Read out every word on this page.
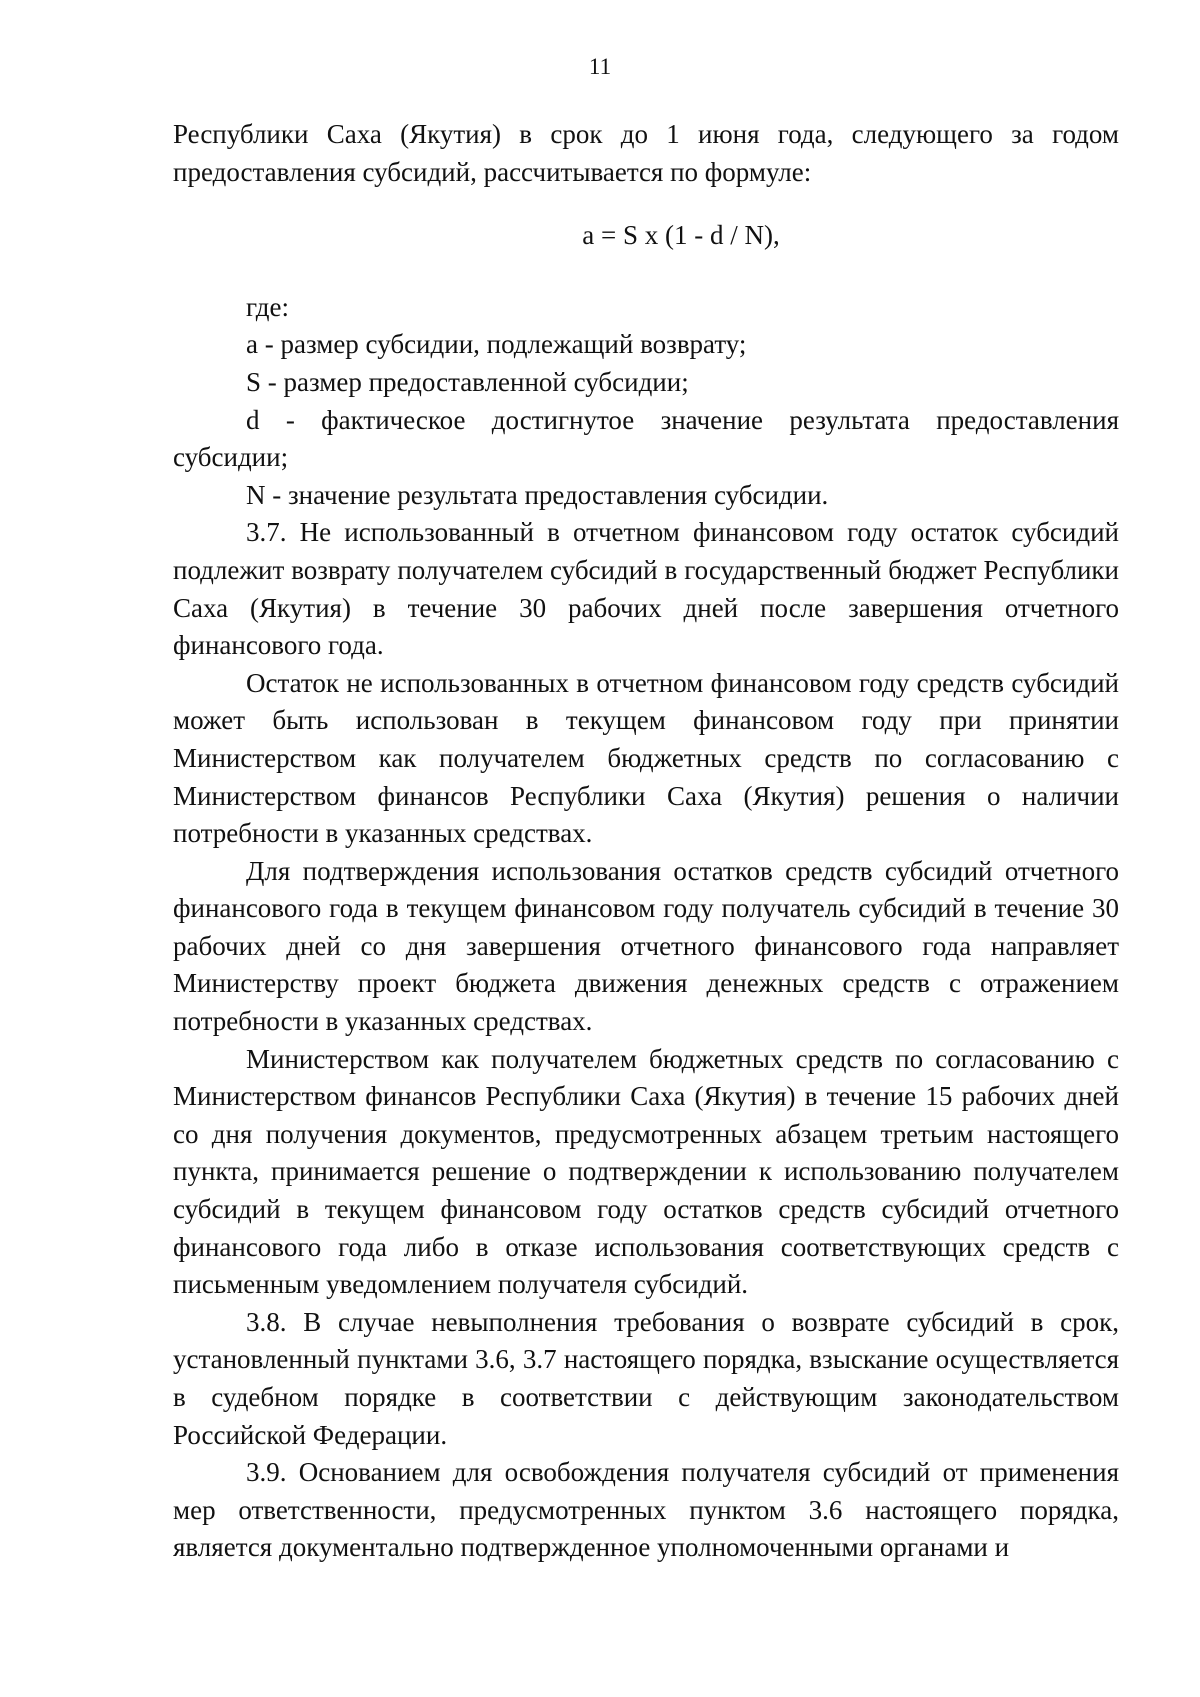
11

Республики Саха (Якутия) в срок до 1 июня года, следующего за годом предоставления субсидий, рассчитывается по формуле:

a = S x (1 - d / N),

где:

a - размер субсидии, подлежащий возврату;

S - размер предоставленной субсидии;

d - фактическое достигнутое значение результата предоставления субсидии;

N - значение результата предоставления субсидии.

3.7. Не использованный в отчетном финансовом году остаток субсидий подлежит возврату получателем субсидий в государственный бюджет Республики Саха (Якутия) в течение 30 рабочих дней после завершения отчетного финансового года.

Остаток не использованных в отчетном финансовом году средств субсидий может быть использован в текущем финансовом году при принятии Министерством как получателем бюджетных средств по согласованию с Министерством финансов Республики Саха (Якутия) решения о наличии потребности в указанных средствах.

Для подтверждения использования остатков средств субсидий отчетного финансового года в текущем финансовом году получатель субсидий в течение 30 рабочих дней со дня завершения отчетного финансового года направляет Министерству проект бюджета движения денежных средств с отражением потребности в указанных средствах.

Министерством как получателем бюджетных средств по согласованию с Министерством финансов Республики Саха (Якутия) в течение 15 рабочих дней со дня получения документов, предусмотренных абзацем третьим настоящего пункта, принимается решение о подтверждении к использованию получателем субсидий в текущем финансовом году остатков средств субсидий отчетного финансового года либо в отказе использования соответствующих средств с письменным уведомлением получателя субсидий.

3.8. В случае невыполнения требования о возврате субсидий в срок, установленный пунктами 3.6, 3.7 настоящего порядка, взыскание осуществляется в судебном порядке в соответствии с действующим законодательством Российской Федерации.

3.9. Основанием для освобождения получателя субсидий от применения мер ответственности, предусмотренных пунктом 3.6 настоящего порядка, является документально подтвержденное уполномоченными органами и
